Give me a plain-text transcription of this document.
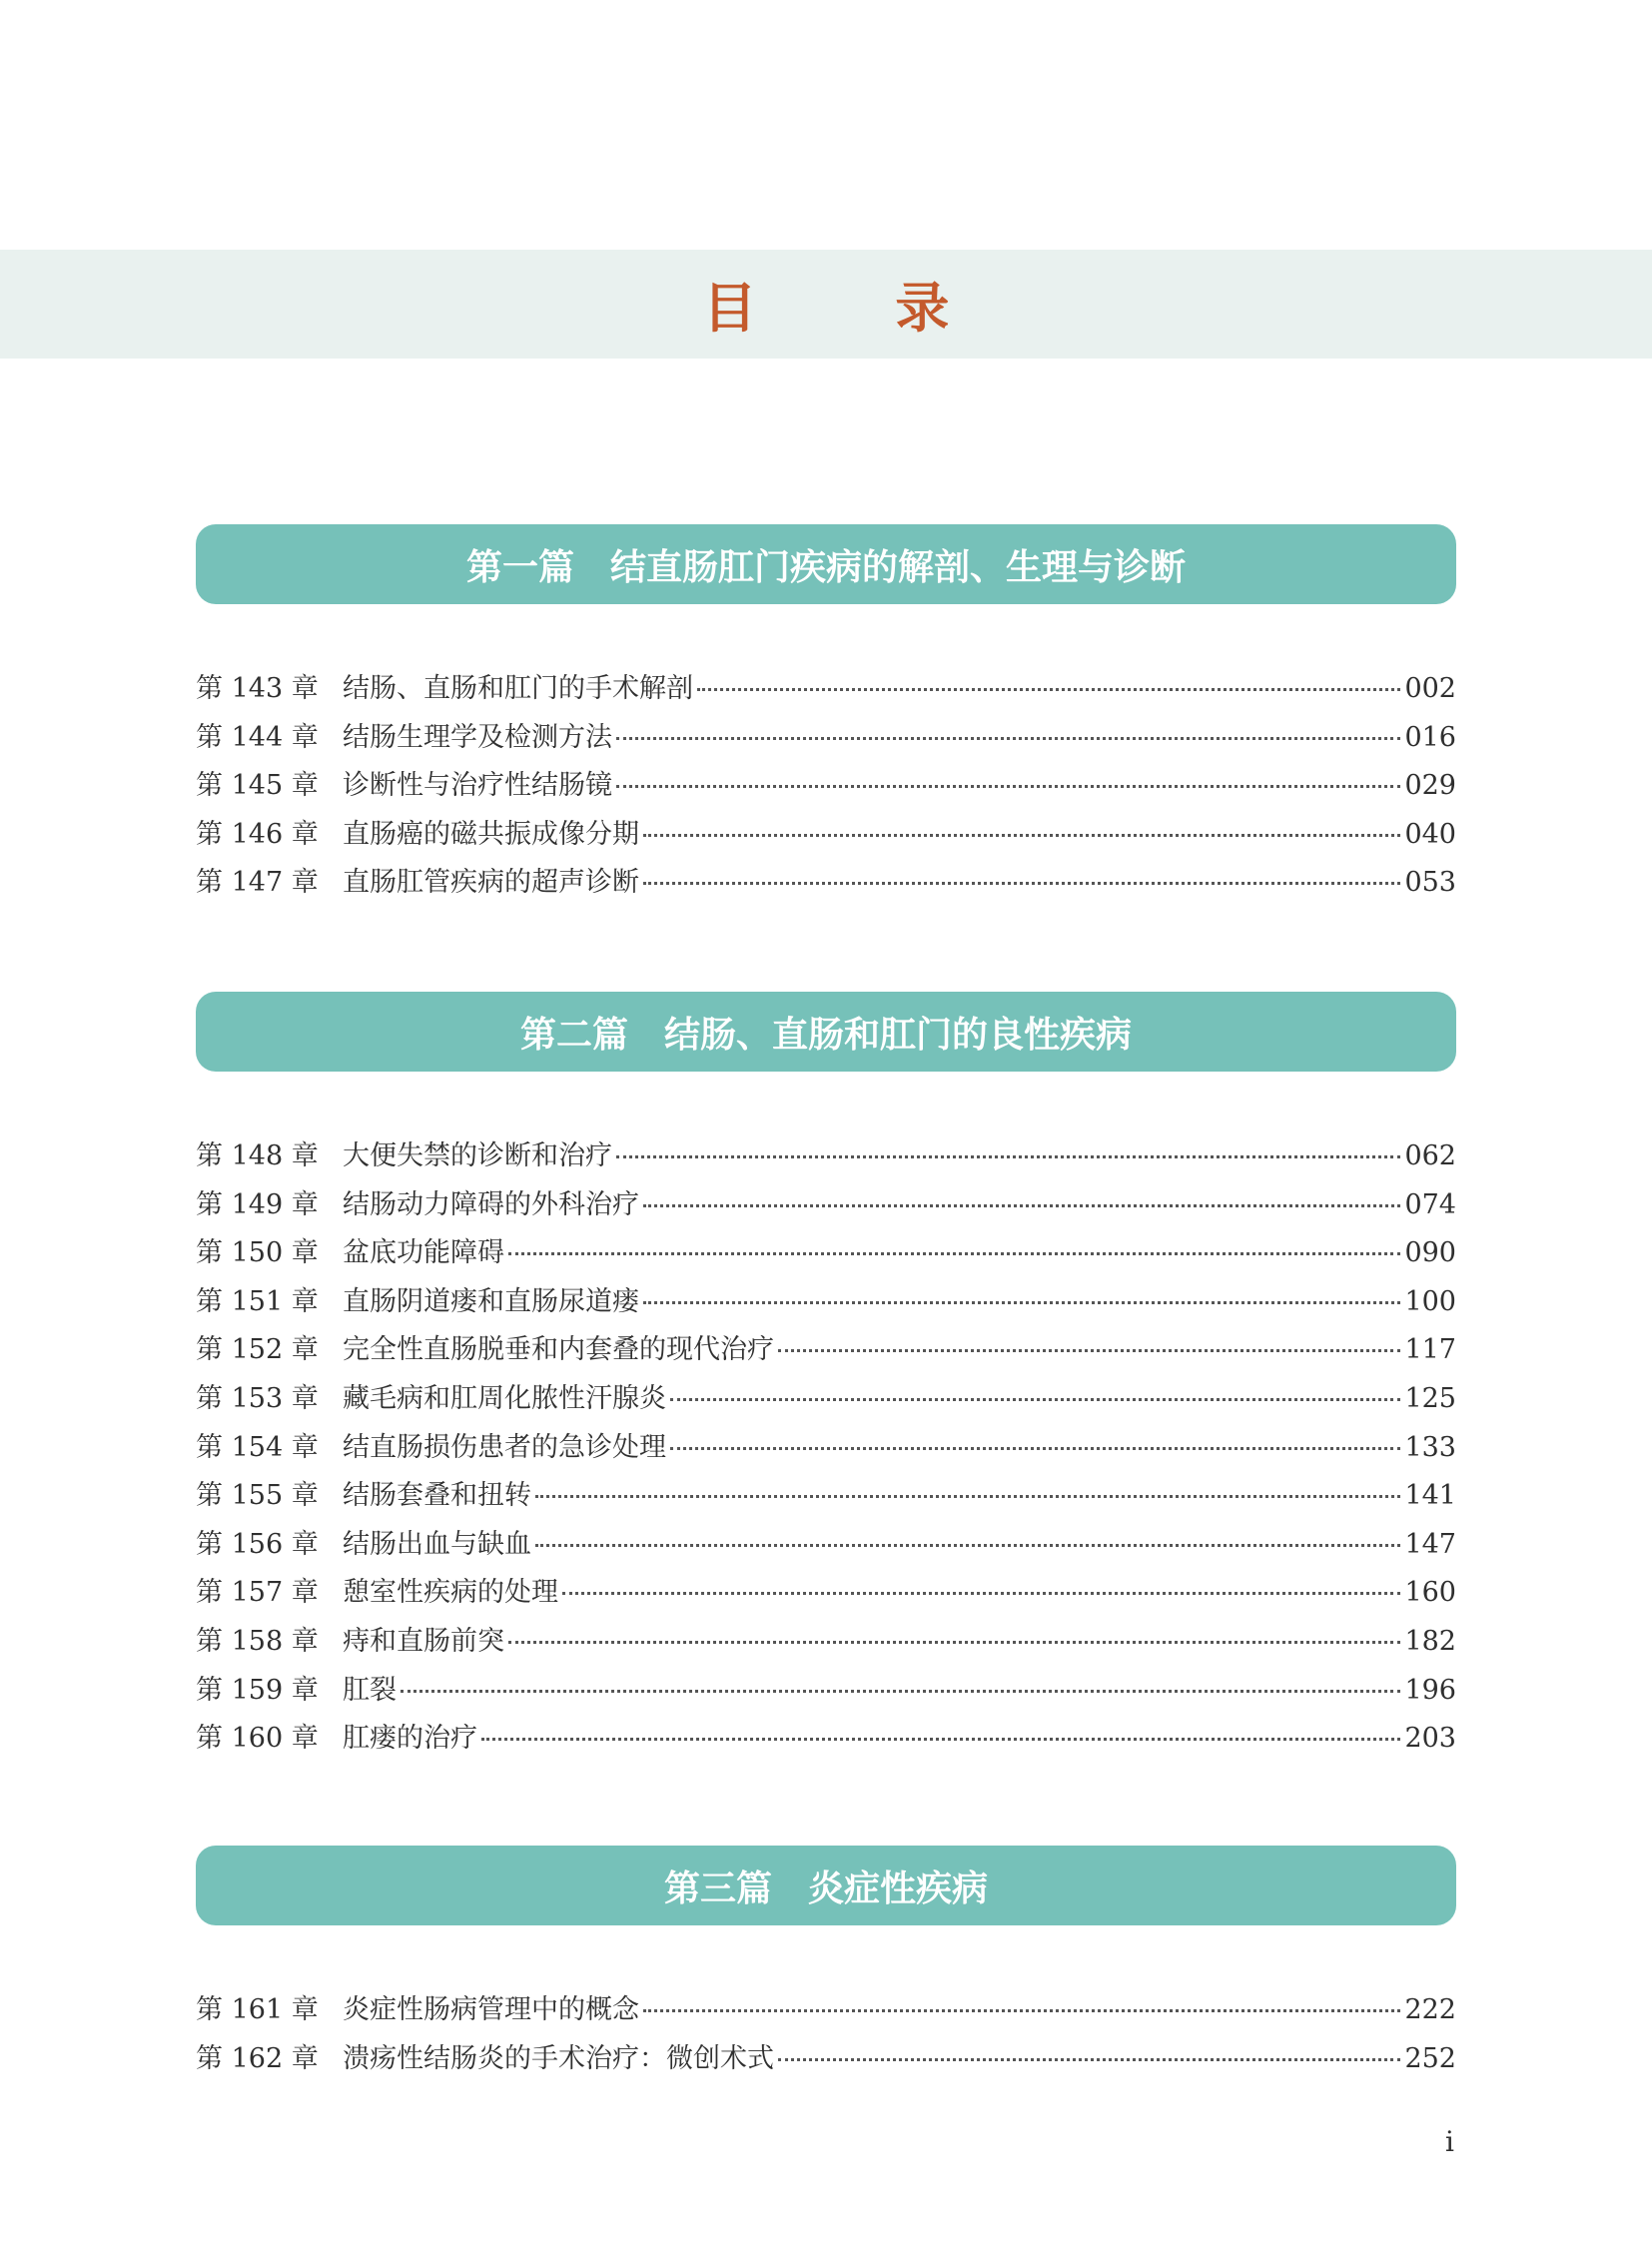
目 录
第一篇　结直肠肛门疾病的解剖、生理与诊断
第 143 章 结肠、直肠和肛门的手术解剖	002
第 144 章 结肠生理学及检测方法	016
第 145 章 诊断性与治疗性结肠镜	029
第 146 章 直肠癌的磁共振成像分期	040
第 147 章 直肠肛管疾病的超声诊断	053
第二篇　结肠、直肠和肛门的良性疾病
第 148 章 大便失禁的诊断和治疗	062
第 149 章 结肠动力障碍的外科治疗	074
第 150 章 盆底功能障碍	090
第 151 章 直肠阴道瘘和直肠尿道瘘	100
第 152 章 完全性直肠脱垂和内套叠的现代治疗	117
第 153 章 藏毛病和肛周化脓性汗腺炎	125
第 154 章 结直肠损伤患者的急诊处理	133
第 155 章 结肠套叠和扭转	141
第 156 章 结肠出血与缺血	147
第 157 章 憩室性疾病的处理	160
第 158 章 痔和直肠前突	182
第 159 章 肛裂	196
第 160 章 肛瘘的治疗	203
第三篇　炎症性疾病
第 161 章 炎症性肠病管理中的概念	222
第 162 章 溃疡性结肠炎的手术治疗：微创术式	252
i
